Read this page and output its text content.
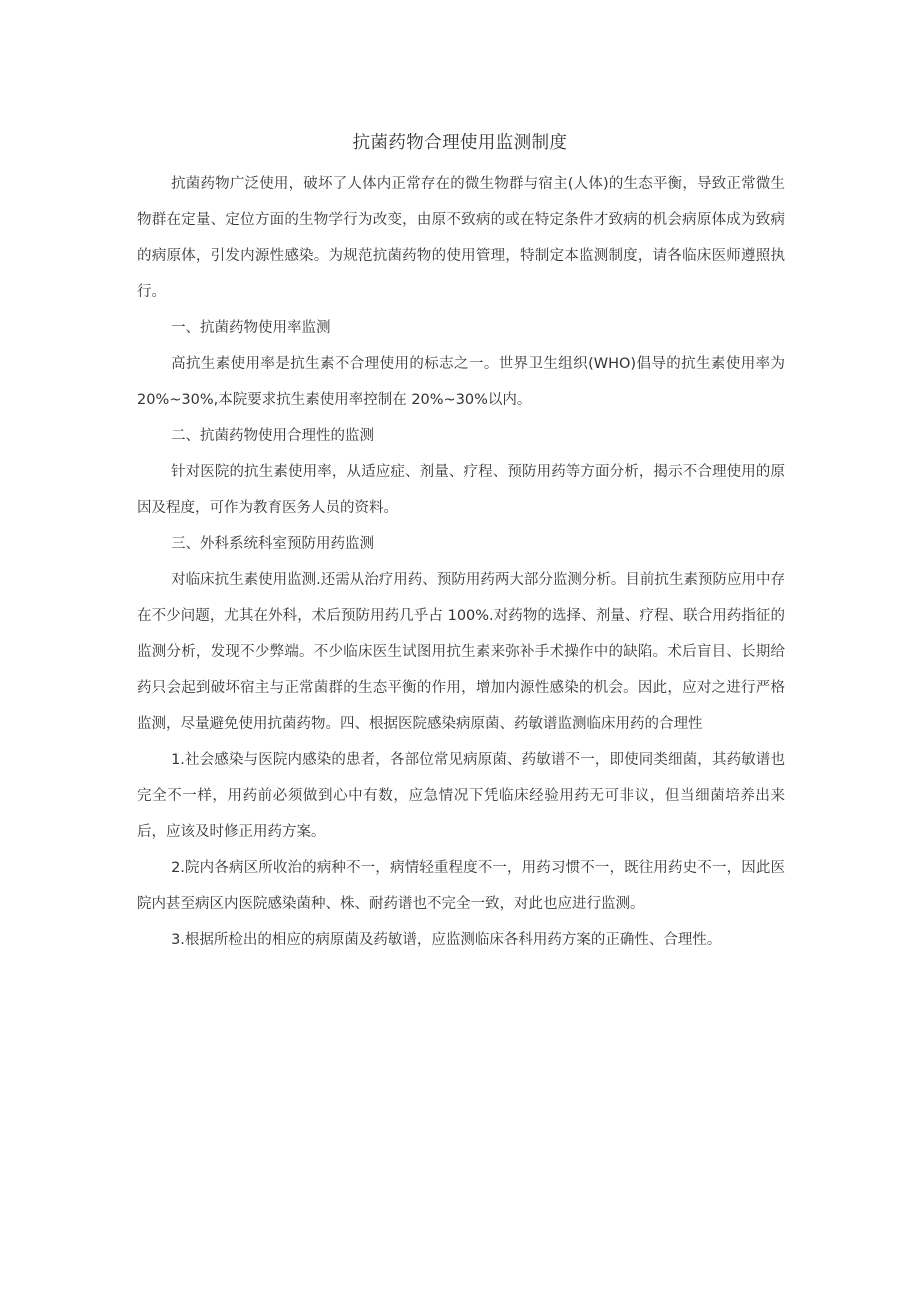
抗菌药物合理使用监测制度

抗菌药物广泛使用，破坏了人体内正常存在的微生物群与宿主(人体)的生态平衡，导致正常微生物群在定量、定位方面的生物学行为改变，由原不致病的或在特定条件才致病的机会病原体成为致病的病原体，引发内源性感染。为规范抗菌药物的使用管理，特制定本监测制度，请各临床医师遵照执行。

一、抗菌药物使用率监测

高抗生素使用率是抗生素不合理使用的标志之一。世界卫生组织(WHO)倡导的抗生素使用率为 20%~30%,本院要求抗生素使用率控制在 20%~30%以内。

二、抗菌药物使用合理性的监测

针对医院的抗生素使用率，从适应症、剂量、疗程、预防用药等方面分析，揭示不合理使用的原因及程度，可作为教育医务人员的资料。

三、外科系统科室预防用药监测

对临床抗生素使用监测.还需从治疗用药、预防用药两大部分监测分析。目前抗生素预防应用中存在不少问题，尤其在外科，术后预防用药几乎占 100%.对药物的选择、剂量、疗程、联合用药指征的监测分析，发现不少弊端。不少临床医生试图用抗生素来弥补手术操作中的缺陷。术后盲目、长期给药只会起到破坏宿主与正常菌群的生态平衡的作用，增加内源性感染的机会。因此，应对之进行严格监测，尽量避免使用抗菌药物。四、根据医院感染病原菌、药敏谱监测临床用药的合理性

1.社会感染与医院内感染的患者，各部位常见病原菌、药敏谱不一，即使同类细菌，其药敏谱也完全不一样，用药前必须做到心中有数，应急情况下凭临床经验用药无可非议，但当细菌培养出来后，应该及时修正用药方案。

2.院内各病区所收治的病种不一，病情轻重程度不一，用药习惯不一，既往用药史不一，因此医院内甚至病区内医院感染菌种、株、耐药谱也不完全一致，对此也应进行监测。

3.根据所检出的相应的病原菌及药敏谱，应监测临床各科用药方案的正确性、合理性。
